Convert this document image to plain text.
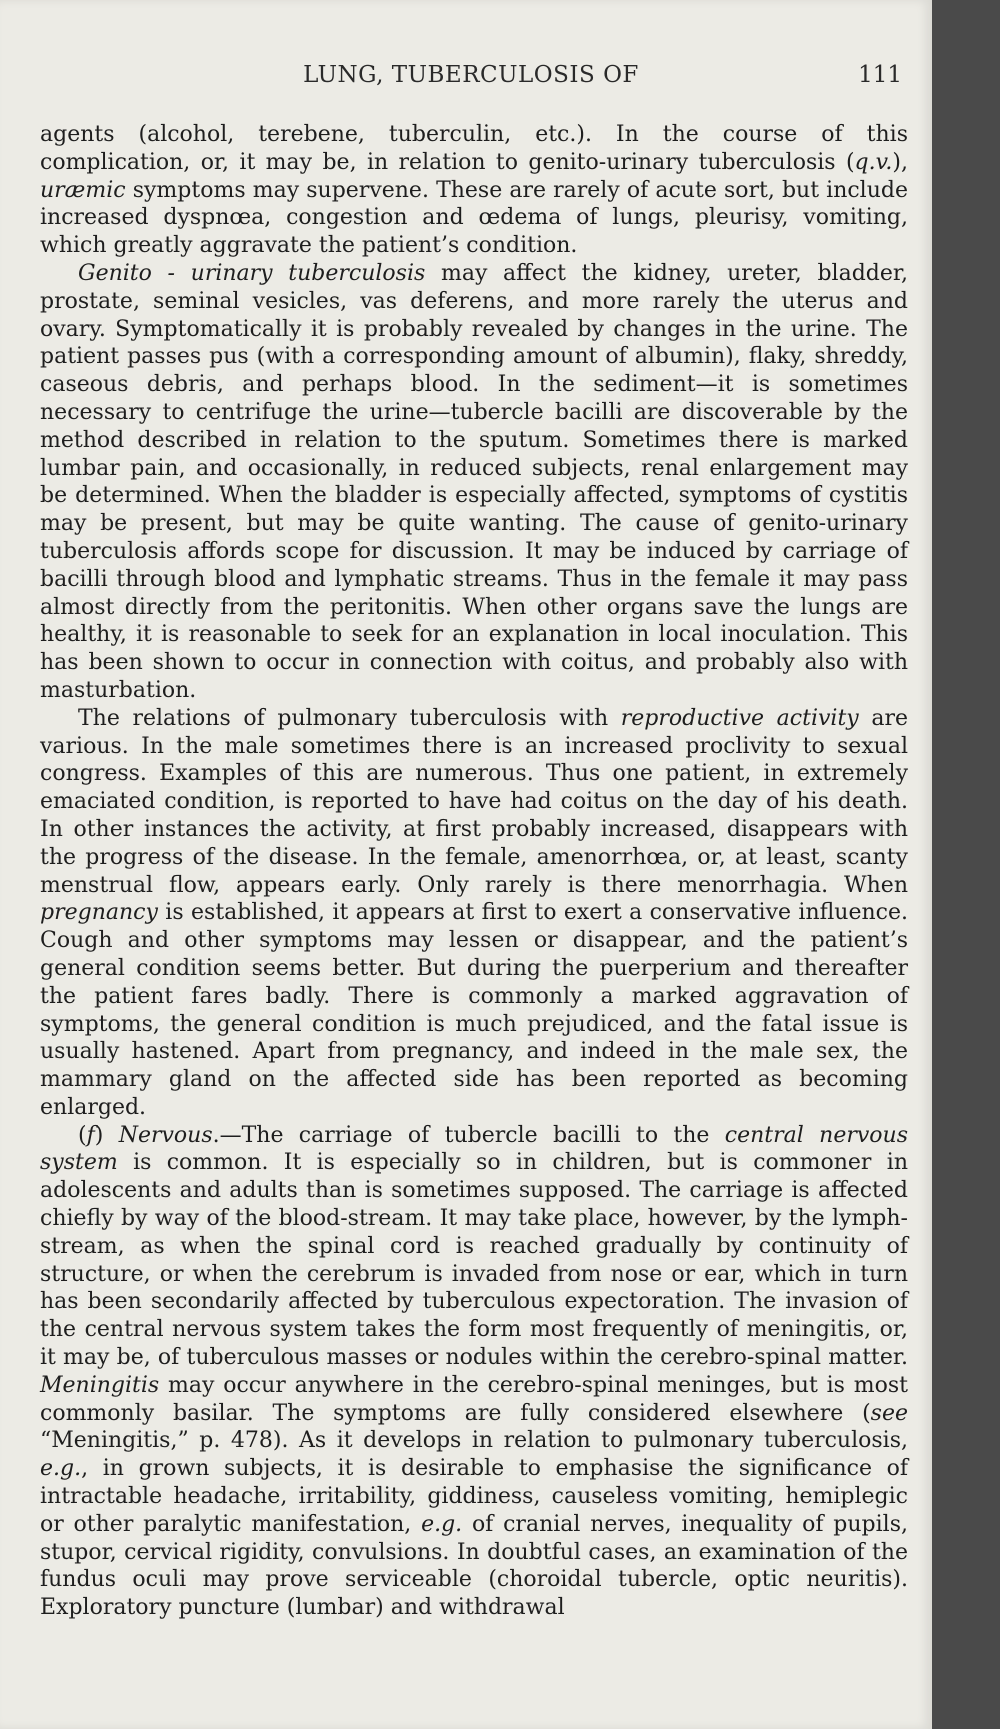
LUNG, TUBERCULOSIS OF	111

agents (alcohol, terebene, tuberculin, etc.). In the course of this complication, or, it may be, in relation to genito-urinary tuberculosis (q.v.), uræmic symptoms may supervene. These are rarely of acute sort, but include increased dyspnœa, congestion and œdema of lungs, pleurisy, vomiting, which greatly aggravate the patient’s condition.

Genito - urinary tuberculosis may affect the kidney, ureter, bladder, prostate, seminal vesicles, vas deferens, and more rarely the uterus and ovary. Symptomatically it is probably revealed by changes in the urine. The patient passes pus (with a corresponding amount of albumin), flaky, shreddy, caseous debris, and perhaps blood. In the sediment—it is sometimes necessary to centrifuge the urine—tubercle bacilli are discoverable by the method described in relation to the sputum. Sometimes there is marked lumbar pain, and occasionally, in reduced subjects, renal enlargement may be determined. When the bladder is especially affected, symptoms of cystitis may be present, but may be quite wanting. The cause of genito-urinary tuberculosis affords scope for discussion. It may be induced by carriage of bacilli through blood and lymphatic streams. Thus in the female it may pass almost directly from the peritonitis. When other organs save the lungs are healthy, it is reasonable to seek for an explanation in local inoculation. This has been shown to occur in connection with coitus, and probably also with masturbation.

The relations of pulmonary tuberculosis with reproductive activity are various. In the male sometimes there is an increased proclivity to sexual congress. Examples of this are numerous. Thus one patient, in extremely emaciated condition, is reported to have had coitus on the day of his death. In other instances the activity, at first probably increased, disappears with the progress of the disease. In the female, amenorrhœa, or, at least, scanty menstrual flow, appears early. Only rarely is there menorrhagia. When pregnancy is established, it appears at first to exert a conservative influence. Cough and other symptoms may lessen or disappear, and the patient’s general condition seems better. But during the puerperium and thereafter the patient fares badly. There is commonly a marked aggravation of symptoms, the general condition is much prejudiced, and the fatal issue is usually hastened. Apart from pregnancy, and indeed in the male sex, the mammary gland on the affected side has been reported as becoming enlarged.

(f) Nervous.—The carriage of tubercle bacilli to the central nervous system is common. It is especially so in children, but is commoner in adolescents and adults than is sometimes supposed. The carriage is affected chiefly by way of the blood-stream. It may take place, however, by the lymph-stream, as when the spinal cord is reached gradually by continuity of structure, or when the cerebrum is invaded from nose or ear, which in turn has been secondarily affected by tuberculous expectoration. The invasion of the central nervous system takes the form most frequently of meningitis, or, it may be, of tuberculous masses or nodules within the cerebro-spinal matter. Meningitis may occur anywhere in the cerebro-spinal meninges, but is most commonly basilar. The symptoms are fully considered elsewhere (see “Meningitis,” p. 478). As it develops in relation to pulmonary tuberculosis, e.g., in grown subjects, it is desirable to emphasise the significance of intractable headache, irritability, giddiness, causeless vomiting, hemiplegic or other paralytic manifestation, e.g. of cranial nerves, inequality of pupils, stupor, cervical rigidity, convulsions. In doubtful cases, an examination of the fundus oculi may prove serviceable (choroidal tubercle, optic neuritis). Exploratory puncture (lumbar) and withdrawal
